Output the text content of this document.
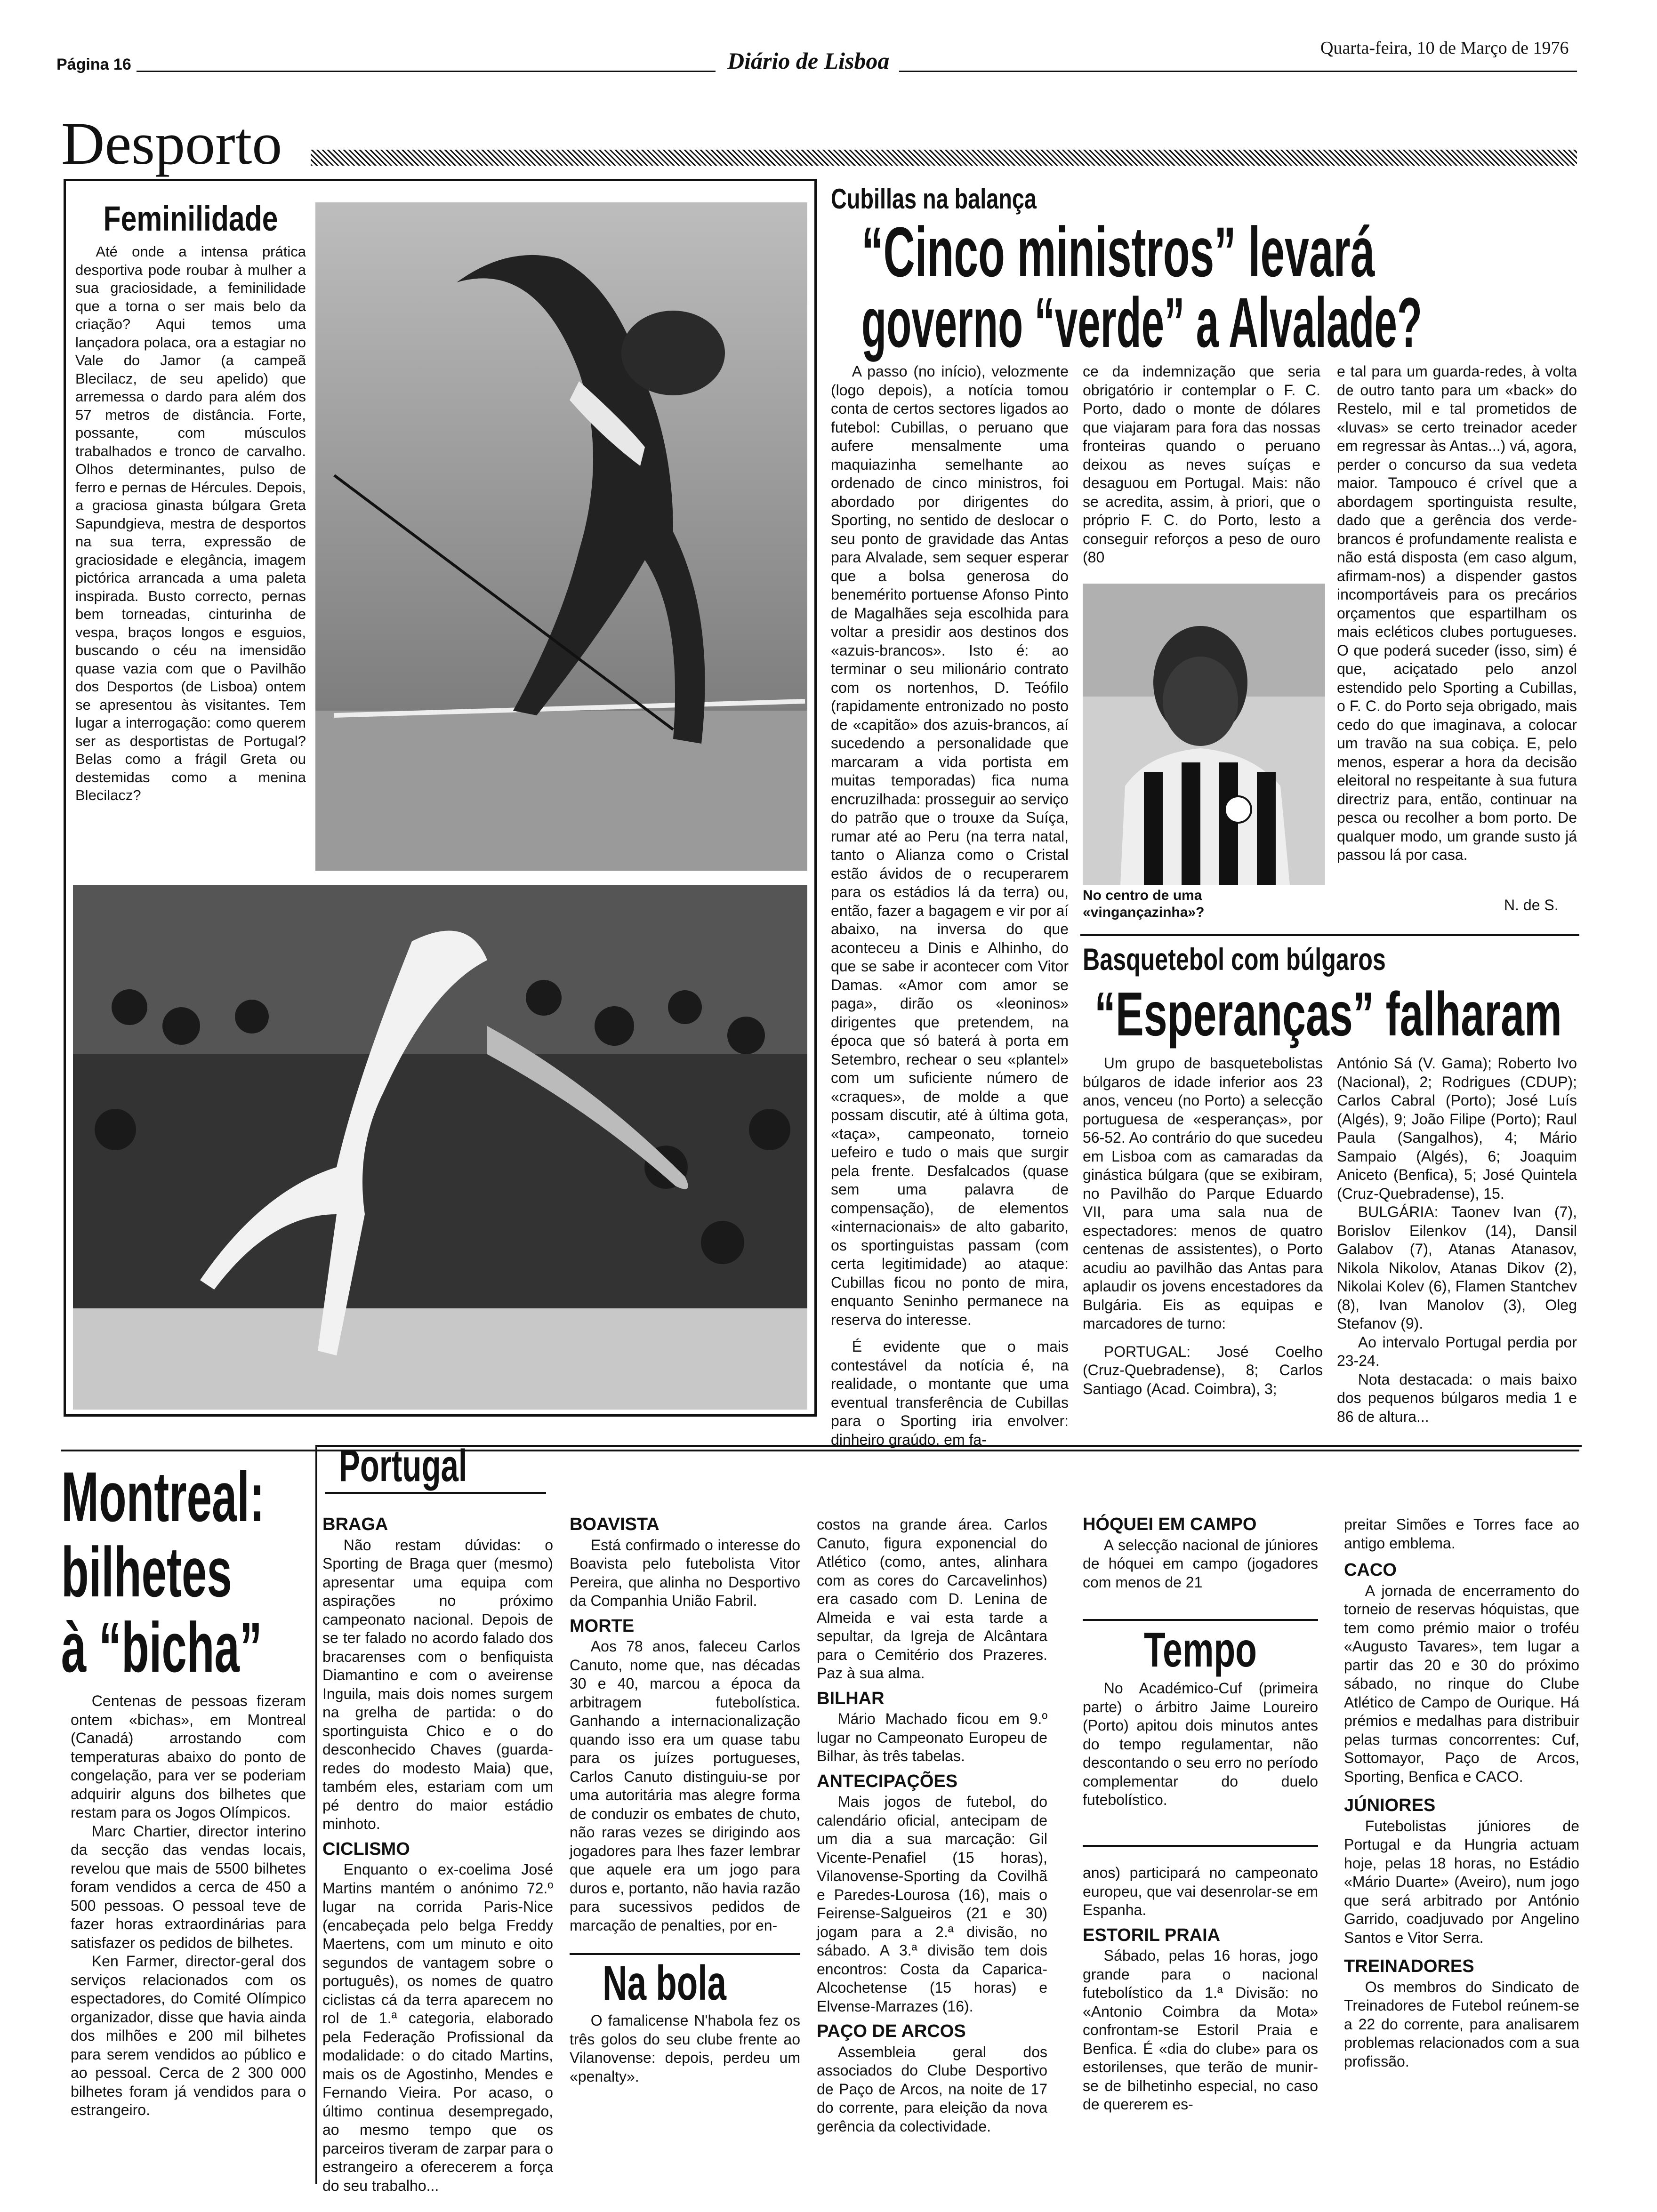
Página 16	Diário de Lisboa	Quarta-feira, 10 de Março de 1976
Desporto
Feminilidade

Até onde a intensa prática desportiva pode roubar à mulher a sua graciosidade, a feminilidade que a torna o ser mais belo da criação? Aqui temos uma lançadora polaca, ora a estagiar no Vale do Jamor (a campeã Blecilacz, de seu apelido) que arremessa o dardo para além dos 57 metros de distância. Forte, possante, com músculos trabalhados e tronco de carvalho. Olhos determinantes, pulso de ferro e pernas de Hércules. Depois, a graciosa ginasta búlgara Greta Sapundgieva, mestra de desportos na sua terra, expressão de graciosidade e elegância, imagem pictórica arrancada a uma paleta inspirada. Busto correcto, pernas bem torneadas, cinturinha de vespa, braços longos e esguios, buscando o céu na imensidão quase vazia com que o Pavilhão dos Desportos (de Lisboa) ontem se apresentou às visitantes. Tem lugar a interrogação: como querem ser as desportistas de Portugal? Belas como a frágil Greta ou destemidas como a menina Blecilacz?

Cubillas na balança
“Cinco ministros” levará
governo “verde” a Alvalade?

A passo (no início), velozmente (logo depois), a notícia tomou conta de certos sectores ligados ao futebol: Cubillas, o peruano que aufere mensalmente uma maquiazinha semelhante ao ordenado de cinco ministros, foi abordado por dirigentes do Sporting, no sentido de deslocar o seu ponto de gravidade das Antas para Alvalade, sem sequer esperar que a bolsa generosa do benemérito portuense Afonso Pinto de Magalhães seja escolhida para voltar a presidir aos destinos dos «azuis-brancos». Isto é: ao terminar o seu milionário contrato com os nortenhos, D. Teófilo (rapidamente entronizado no posto de «capitão» dos azuis-brancos, aí sucedendo a personalidade que marcaram a vida portista em muitas temporadas) fica numa encruzilhada: prosseguir ao serviço do patrão que o trouxe da Suíça, rumar até ao Peru (na terra natal, tanto o Alianza como o Cristal estão ávidos de o recuperarem para os estádios lá da terra) ou, então, fazer a bagagem e vir por aí abaixo, na inversa do que aconteceu a Dinis e Alhinho, do que se sabe ir acontecer com Vitor Damas. «Amor com amor se paga», dirão os «leoninos» dirigentes que pretendem, na época que só baterá à porta em Setembro, rechear o seu «plantel» com um suficiente número de «craques», de molde a que possam discutir, até à última gota, «taça», campeonato, torneio uefeiro e tudo o mais que surgir pela frente. Desfalcados (quase sem uma palavra de compensação), de elementos «internacionais» de alto gabarito, os sportinguistas passam (com certa legitimidade) ao ataque: Cubillas ficou no ponto de mira, enquanto Seninho permanece na reserva do interesse.

É evidente que o mais contestável da notícia é, na realidade, o montante que uma eventual transferência de Cubillas para o Sporting iria envolver: dinheiro graúdo, em fa-

ce da indemnização que seria obrigatório ir contemplar o F. C. Porto, dado o monte de dólares que viajaram para fora das nossas fronteiras quando o peruano deixou as neves suíças e desaguou em Portugal. Mais: não se acredita, assim, à priori, que o próprio F. C. do Porto, lesto a conseguir reforços a peso de ouro (80

No centro de uma «vingançazinha»?

e tal para um guarda-redes, à volta de outro tanto para um «back» do Restelo, mil e tal prometidos de «luvas» se certo treinador aceder em regressar às Antas...) vá, agora, perder o concurso da sua vedeta maior. Tampouco é crível que a abordagem sportinguista resulte, dado que a gerência dos verde-brancos é profundamente realista e não está disposta (em caso algum, afirmam-nos) a dispender gastos incomportáveis para os precários orçamentos que espartilham os mais ecléticos clubes portugueses. O que poderá suceder (isso, sim) é que, aciçatado pelo anzol estendido pelo Sporting a Cubillas, o F. C. do Porto seja obrigado, mais cedo do que imaginava, a colocar um travão na sua cobiça. E, pelo menos, esperar a hora da decisão eleitoral no respeitante à sua futura directriz para, então, continuar na pesca ou recolher a bom porto. De qualquer modo, um grande susto já passou lá por casa.

N. de S.
Basquetebol com búlgaros
“Esperanças” falharam

Um grupo de basquetebolistas búlgaros de idade inferior aos 23 anos, venceu (no Porto) a selecção portuguesa de «esperanças», por 56-52. Ao contrário do que sucedeu em Lisboa com as camaradas da ginástica búlgara (que se exibiram, no Pavilhão do Parque Eduardo VII, para uma sala nua de espectadores: menos de quatro centenas de assistentes), o Porto acudiu ao pavilhão das Antas para aplaudir os jovens encestadores da Bulgária. Eis as equipas e marcadores de turno:

PORTUGAL: José Coelho (Cruz-Quebradense), 8; Carlos Santiago (Acad. Coimbra), 3;

António Sá (V. Gama); Roberto Ivo (Nacional), 2; Rodrigues (CDUP); Carlos Cabral (Porto); José Luís (Algés), 9; João Filipe (Porto); Raul Paula (Sangalhos), 4; Mário Sampaio (Algés), 6; Joaquim Aniceto (Benfica), 5; José Quintela (Cruz-Quebradense), 15.

BULGÁRIA: Taonev Ivan (7), Borislov Eilenkov (14), Dansil Galabov (7), Atanas Atanasov, Nikola Nikolov, Atanas Dikov (2), Nikolai Kolev (6), Flamen Stantchev (8), Ivan Manolov (3), Oleg Stefanov (9).

Ao intervalo Portugal perdia por 23-24.

Nota destacada: o mais baixo dos pequenos búlgaros media 1 e 86 de altura...

Montreal:
bilhetes
à “bicha”

Centenas de pessoas fizeram ontem «bichas», em Montreal (Canadá) arrostando com temperaturas abaixo do ponto de congelação, para ver se poderiam adquirir alguns dos bilhetes que restam para os Jogos Olímpicos.

Marc Chartier, director interino da secção das vendas locais, revelou que mais de 5500 bilhetes foram vendidos a cerca de 450 a 500 pessoas. O pessoal teve de fazer horas extraordinárias para satisfazer os pedidos de bilhetes.

Ken Farmer, director-geral dos serviços relacionados com os espectadores, do Comité Olímpico organizador, disse que havia ainda dos milhões e 200 mil bilhetes para serem vendidos ao público e ao pessoal. Cerca de 2 300 000 bilhetes foram já vendidos para o estrangeiro.

Portugal
BRAGA

Não restam dúvidas: o Sporting de Braga quer (mesmo) apresentar uma equipa com aspirações no próximo campeonato nacional. Depois de se ter falado no acordo falado dos bracarenses com o benfiquista Diamantino e com o aveirense Inguila, mais dois nomes surgem na grelha de partida: o do sportinguista Chico e o do desconhecido Chaves (guarda-redes do modesto Maia) que, também eles, estariam com um pé dentro do maior estádio minhoto.

CICLISMO

Enquanto o ex-coelima José Martins mantém o anónimo 72.º lugar na corrida Paris-Nice (encabeçada pelo belga Freddy Maertens, com um minuto e oito segundos de vantagem sobre o português), os nomes de quatro ciclistas cá da terra aparecem no rol de 1.ª categoria, elaborado pela Federação Profissional da modalidade: o do citado Martins, mais os de Agostinho, Mendes e Fernando Vieira. Por acaso, o último continua desempregado, ao mesmo tempo que os parceiros tiveram de zarpar para o estrangeiro a oferecerem a força do seu trabalho...

BOAVISTA

Está confirmado o interesse do Boavista pelo futebolista Vitor Pereira, que alinha no Desportivo da Companhia União Fabril.

MORTE

Aos 78 anos, faleceu Carlos Canuto, nome que, nas décadas 30 e 40, marcou a época da arbitragem futebolística. Ganhando a internacionalização quando isso era um quase tabu para os juízes portugueses, Carlos Canuto distinguiu-se por uma autoritária mas alegre forma de conduzir os embates de chuto, não raras vezes se dirigindo aos jogadores para lhes fazer lembrar que aquele era um jogo para duros e, portanto, não havia razão para sucessivos pedidos de marcação de penalties, por en-

Na bola

O famalicense N'habola fez os três golos do seu clube frente ao Vilanovense: depois, perdeu um «penalty».

costos na grande área. Carlos Canuto, figura exponencial do Atlético (como, antes, alinhara com as cores do Carcavelinhos) era casado com D. Lenina de Almeida e vai esta tarde a sepultar, da Igreja de Alcântara para o Cemitério dos Prazeres. Paz à sua alma.

BILHAR

Mário Machado ficou em 9.º lugar no Campeonato Europeu de Bilhar, às três tabelas.

ANTECIPAÇÕES

Mais jogos de futebol, do calendário oficial, antecipam de um dia a sua marcação: Gil Vicente-Penafiel (15 horas), Vilanovense-Sporting da Covilhã e Paredes-Lourosa (16), mais o Feirense-Salgueiros (21 e 30) jogam para a 2.ª divisão, no sábado. A 3.ª divisão tem dois encontros: Costa da Caparica-Alcochetense (15 horas) e Elvense-Marrazes (16).

PAÇO DE ARCOS

Assembleia geral dos associados do Clube Desportivo de Paço de Arcos, na noite de 17 do corrente, para eleição da nova gerência da colectividade.

HÓQUEI EM CAMPO

A selecção nacional de júniores de hóquei em campo (jogadores com menos de 21

Tempo

No Académico-Cuf (primeira parte) o árbitro Jaime Loureiro (Porto) apitou dois minutos antes do tempo regulamentar, não descontando o seu erro no período complementar do duelo futebolístico.

anos) participará no campeonato europeu, que vai desenrolar-se em Espanha.

ESTORIL PRAIA

Sábado, pelas 16 horas, jogo grande para o nacional futebolístico da 1.ª Divisão: no «Antonio Coimbra da Mota» confrontam-se Estoril Praia e Benfica. É «dia do clube» para os estorilenses, que terão de munir-se de bilhetinho especial, no caso de quererem es-

preitar Simões e Torres face ao antigo emblema.

CACO

A jornada de encerramento do torneio de reservas hóquistas, que tem como prémio maior o troféu «Augusto Tavares», tem lugar a partir das 20 e 30 do próximo sábado, no rinque do Clube Atlético de Campo de Ourique. Há prémios e medalhas para distribuir pelas turmas concorrentes: Cuf, Sottomayor, Paço de Arcos, Sporting, Benfica e CACO.

JÚNIORES

Futebolistas júniores de Portugal e da Hungria actuam hoje, pelas 18 horas, no Estádio «Mário Duarte» (Aveiro), num jogo que será arbitrado por António Garrido, coadjuvado por Angelino Santos e Vitor Serra.

TREINADORES

Os membros do Sindicato de Treinadores de Futebol reúnem-se a 22 do corrente, para analisarem problemas relacionados com a sua profissão.
